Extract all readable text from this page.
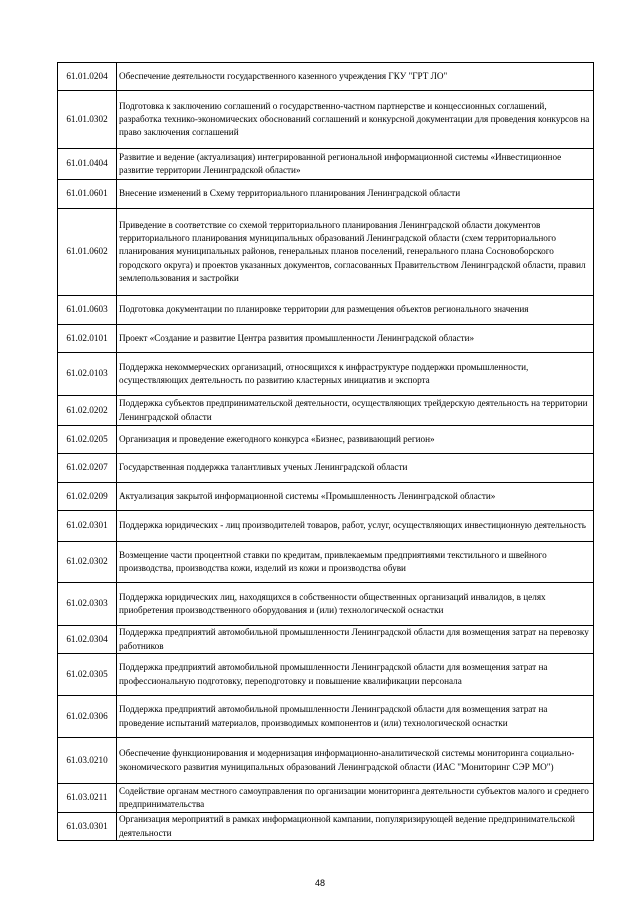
61.01.0204	Обеспечение деятельности государственного казенного учреждения ГКУ "ГРТ ЛО"
61.01.0302	Подготовка к заключению соглашений о государственно-частном партнерстве и концессионных соглашений, разработка технико-экономических обоснований соглашений и конкурсной документации для проведения конкурсов на право заключения соглашений
61.01.0404	Развитие и ведение (актуализация) интегрированной региональной информационной системы «Инвестиционное развитие территории Ленинградской области»
61.01.0601	Внесение изменений в Схему территориального планирования Ленинградской области
61.01.0602	Приведение в соответствие со схемой территориального планирования Ленинградской области документов территориального планирования муниципальных образований Ленинградской области (схем территориального планирования муниципальных районов, генеральных планов поселений, генерального плана Сосновоборского городского округа) и проектов указанных документов, согласованных Правительством Ленинградской области, правил землепользования и застройки
61.01.0603	Подготовка документации по планировке территории для размещения объектов регионального значения
61.02.0101	Проект «Создание и развитие Центра развития промышленности Ленинградской области»
61.02.0103	Поддержка некоммерческих организаций, относящихся к инфраструктуре поддержки промышленности, осуществляющих деятельность по развитию кластерных инициатив и экспорта
61.02.0202	Поддержка субъектов предпринимательской деятельности, осуществляющих трейдерскую деятельность на территории Ленинградской области
61.02.0205	Организация и проведение ежегодного конкурса «Бизнес, развивающий регион»
61.02.0207	Государственная поддержка талантливых ученых Ленинградской области
61.02.0209	Актуализация закрытой информационной системы «Промышленность Ленинградской области»
61.02.0301	Поддержка юридических - лиц производителей товаров, работ, услуг, осуществляющих инвестиционную деятельность
61.02.0302	Возмещение части процентной ставки по кредитам, привлекаемым предприятиями текстильного и швейного производства, производства кожи, изделий из кожи и производства обуви
61.02.0303	Поддержка юридических лиц, находящихся в собственности общественных организаций инвалидов, в целях приобретения производственного оборудования и (или) технологической оснастки
61.02.0304	Поддержка предприятий автомобильной промышленности Ленинградской области для возмещения затрат на перевозку работников
61.02.0305	Поддержка предприятий автомобильной промышленности Ленинградской области для возмещения затрат на профессиональную подготовку, переподготовку и повышение квалификации персонала
61.02.0306	Поддержка предприятий автомобильной промышленности Ленинградской области для возмещения затрат на проведение испытаний материалов, производимых компонентов и (или) технологической оснастки
61.03.0210	Обеспечение функционирования и модернизация информационно-аналитической системы мониторинга социально-экономического развития муниципальных образований Ленинградской области (ИАС "Мониторинг СЭР МО")
61.03.0211	Содействие органам местного самоуправления по организации мониторинга деятельности субъектов малого и среднего предпринимательства
61.03.0301	Организация мероприятий в рамках информационной кампании, популяризирующей ведение предпринимательской деятельности
48
